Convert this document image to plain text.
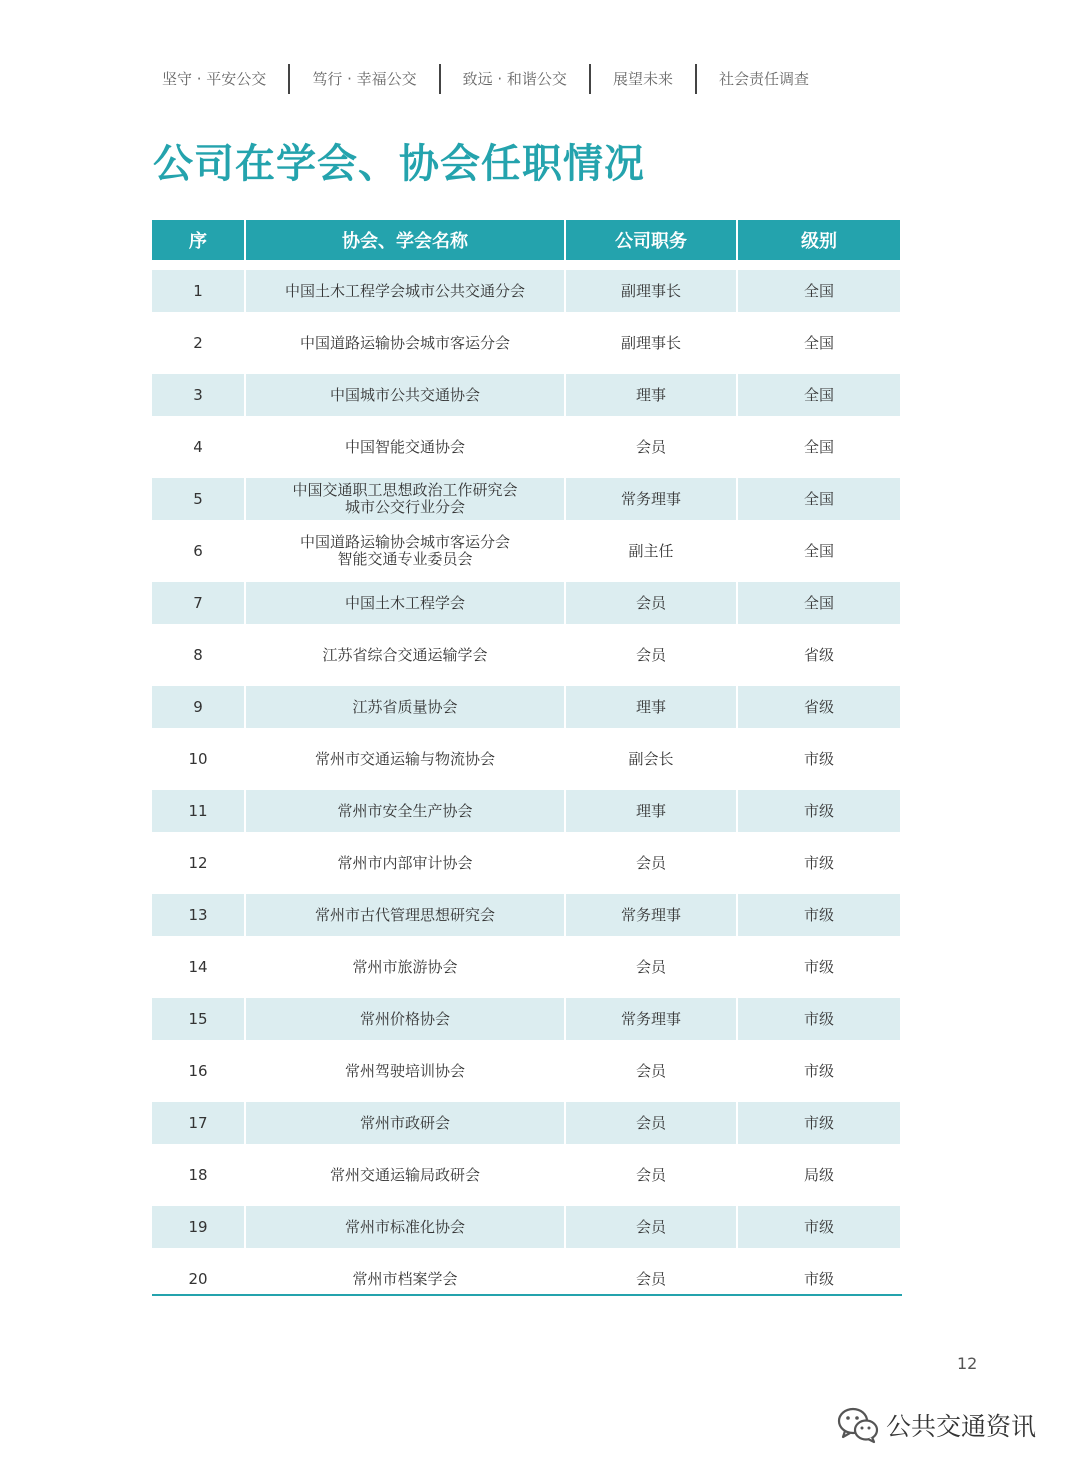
坚守 · 平安公交	笃行 · 幸福公交	致远 · 和谐公交	展望未来	社会责任调查
公司在学会、协会任职情况
序	协会、学会名称	公司职务	级别
1	中国土木工程学会城市公共交通分会	副理事长	全国
2	中国道路运输协会城市客运分会	副理事长	全国
3	中国城市公共交通协会	理事	全国
4	中国智能交通协会	会员	全国
5	中国交通职工思想政治工作研究会
城市公交行业分会	常务理事	全国
6	中国道路运输协会城市客运分会
智能交通专业委员会	副主任	全国
7	中国土木工程学会	会员	全国
8	江苏省综合交通运输学会	会员	省级
9	江苏省质量协会	理事	省级
10	常州市交通运输与物流协会	副会长	市级
11	常州市安全生产协会	理事	市级
12	常州市内部审计协会	会员	市级
13	常州市古代管理思想研究会	常务理事	市级
14	常州市旅游协会	会员	市级
15	常州价格协会	常务理事	市级
16	常州驾驶培训协会	会员	市级
17	常州市政研会	会员	市级
18	常州交通运输局政研会	会员	局级
19	常州市标准化协会	会员	市级
20	常州市档案学会	会员	市级
12
公共交通资讯
